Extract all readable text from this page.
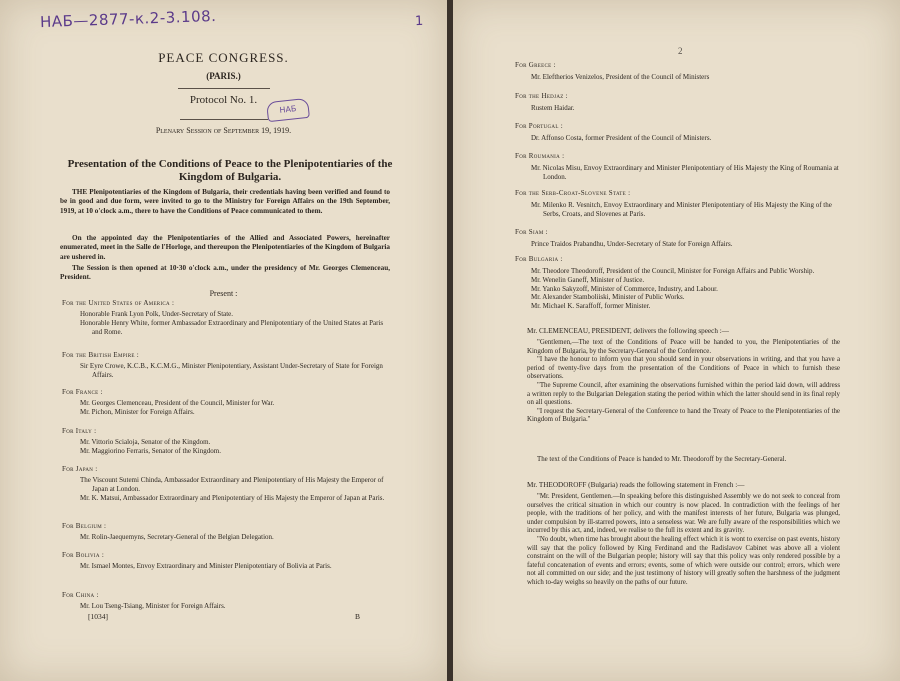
НАБ—2877-к.2-3.108.	1
PEACE CONGRESS.
(PARIS.)
Protocol No. 1.
НАБ
Plenary Session of September 19, 1919.
Presentation of the Conditions of Peace to the Plenipotentiaries of the Kingdom of Bulgaria.
THE Plenipotentiaries of the Kingdom of Bulgaria, their credentials having been verified and found to be in good and due form, were invited to go to the Ministry for Foreign Affairs on the 19th September, 1919, at 10 o'clock a.m., there to have the Conditions of Peace communicated to them.
On the appointed day the Plenipotentiaries of the Allied and Associated Powers, hereinafter enumerated, meet in the Salle de l'Horloge, and thereupon the Plenipotentiaries of the Kingdom of Bulgaria are ushered in.
The Session is then opened at 10·30 o'clock a.m., under the presidency of Mr. Georges Clemenceau, President.
Present :
For the United States of America :
Honorable Frank Lyon Polk, Under-Secretary of State.
Honorable Henry White, former Ambassador Extraordinary and Plenipotentiary of the United States at Paris and Rome.
For the British Empire :
Sir Eyre Crowe, K.C.B., K.C.M.G., Minister Plenipotentiary, Assistant Under-Secretary of State for Foreign Affairs.
For France :
Mr. Georges Clemenceau, President of the Council, Minister for War.
Mr. Pichon, Minister for Foreign Affairs.
For Italy :
Mr. Vittorio Scialoja, Senator of the Kingdom.
Mr. Maggiorino Ferraris, Senator of the Kingdom.
For Japan :
The Viscount Sutemi Chinda, Ambassador Extraordinary and Plenipotentiary of His Majesty the Emperor of Japan at London.
Mr. K. Matsui, Ambassador Extraordinary and Plenipotentiary of His Majesty the Emperor of Japan at Paris.
For Belgium :
Mr. Rolin-Jaequemyns, Secretary-General of the Belgian Delegation.
For Bolivia :
Mr. Ismael Montes, Envoy Extraordinary and Minister Plenipotentiary of Bolivia at Paris.
For China :
Mr. Lou Tseng-Tsiang, Minister for Foreign Affairs.
[1034]	B
2
For Greece :
Mr. Eleftherios Venizelos, President of the Council of Ministers
For the Hedjaz :
Rustem Haidar.
For Portugal :
Dr. Affonso Costa, former President of the Council of Ministers.
For Roumania :
Mr. Nicolas Misu, Envoy Extraordinary and Minister Plenipotentiary of His Majesty the King of Roumania at London.
For the Serb-Croat-Slovene State :
Mr. Milenko R. Vesnitch, Envoy Extraordinary and Minister Plenipotentiary of His Majesty the King of the Serbs, Croats, and Slovenes at Paris.
For Siam :
Prince Traidos Prabandhu, Under-Secretary of State for Foreign Affairs.
For Bulgaria :
Mr. Theodore Theodoroff, President of the Council, Minister for Foreign Affairs and Public Worship.
Mr. Wenelin Ganeff, Minister of Justice.
Mr. Yanko Sakyzoff, Minister of Commerce, Industry, and Labour.
Mr. Alexander Stamboliiski, Minister of Public Works.
Mr. Michael K. Saraffoff, former Minister.
Mr. CLEMENCEAU, PRESIDENT, delivers the following speech :—
"Gentlemen,—The text of the Conditions of Peace will be handed to you, the Plenipotentiaries of the Kingdom of Bulgaria, by the Secretary-General of the Conference.
"I have the honour to inform you that you should send in your observations in writing, and that you have a period of twenty-five days from the presentation of the Conditions of Peace in which to furnish these observations.
"The Supreme Council, after examining the observations furnished within the period laid down, will address a written reply to the Bulgarian Delegation stating the period within which the latter should send in its final reply on all questions.
"I request the Secretary-General of the Conference to hand the Treaty of Peace to the Plenipotentiaries of the Kingdom of Bulgaria."
The text of the Conditions of Peace is handed to Mr. Theodoroff by the Secretary-General.
Mr. THEODOROFF (Bulgaria) reads the following statement in French :—
"Mr. President, Gentlemen.—In speaking before this distinguished Assembly we do not seek to conceal from ourselves the critical situation in which our country is now placed. In contradiction with the feelings of her people, with the traditions of her policy, and with the manifest interests of her future, Bulgaria was plunged, under compulsion by ill-starred powers, into a senseless war. We are fully aware of the responsibilities which we incurred by this act, and, indeed, we realise to the full its extent and its gravity.
"No doubt, when time has brought about the healing effect which it is wont to exercise on past events, history will say that the policy followed by King Ferdinand and the Radislavov Cabinet was above all a violent constraint on the will of the Bulgarian people; history will say that this policy was only rendered possible by a fateful concatenation of events and errors; events, some of which were outside our control; errors, which were not all committed on our side; and the just testimony of history will greatly soften the harshness of the judgment which to-day weighs so heavily on the paths of our future.
